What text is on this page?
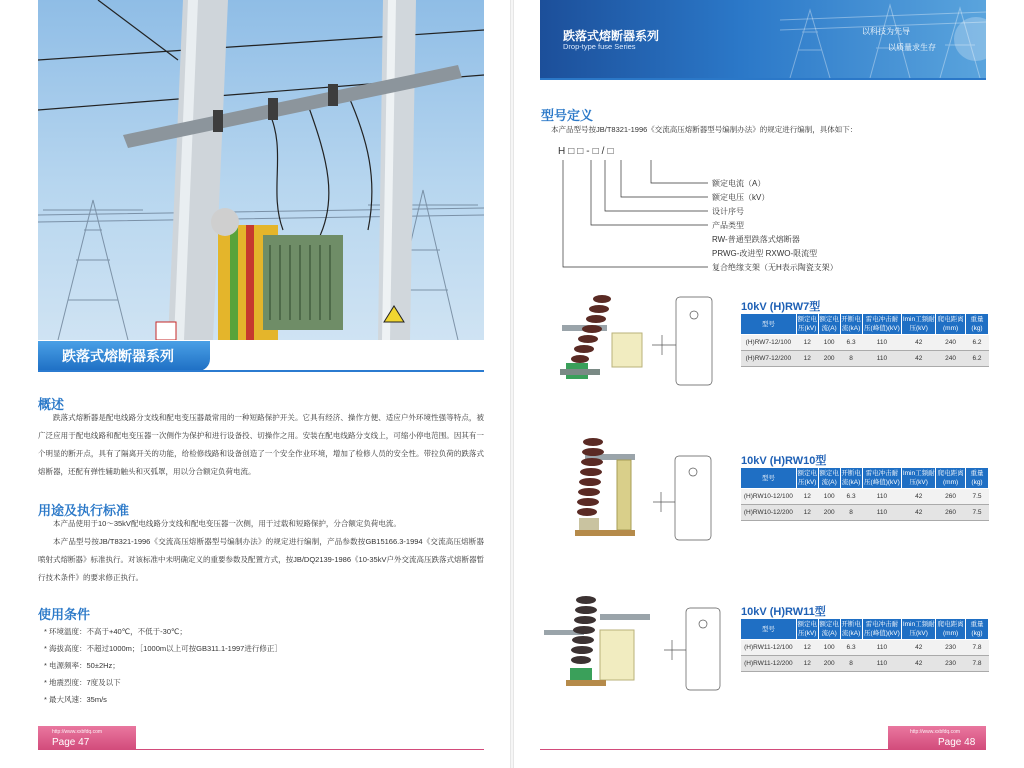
跌落式熔断器系列
概述

跌落式熔断器是配电线路分支线和配电变压器最常用的一种短路保护开关。它具有经济、操作方便、适应户外环境性强等特点，被广泛应用于配电线路和配电变压器一次侧作为保护和进行设备投、切操作之用。安装在配电线路分支线上，可缩小停电范围。因其有一个明显的断开点，具有了隔离开关的功能，给检修线路和设备创造了一个安全作业环境，增加了检修人员的安全性。带拉负荷的跌落式熔断器，还配有弹性辅助触头和灭弧罩，用以分合额定负荷电流。

用途及执行标准

本产品使用于10～35kV配电线路分支线和配电变压器一次侧，用于过载和短路保护，分合额定负荷电流。

本产品型号按JB/T8321-1996《交流高压熔断器型号编制办法》的规定进行编制，产品参数按GB15166.3-1994《交流高压熔断器 喷射式熔断器》标准执行。对该标准中未明确定义的重要参数及配置方式，按JB/DQ2139-1986《10-35kV户外交流高压跌落式熔断器暂行技术条件》的要求修正执行。

使用条件
* 环境温度：不高于+40℃，不低于-30℃；
* 海拔高度：不超过1000m；［1000m以上可按GB311.1-1997进行修正］
* 电源频率：50±2Hz；
* 地震烈度：7度及以下
* 最大风速：35m/s
http://www.xxbfdq.com
Page 47
跌落式熔断器系列
Drop-type fuse Series
以科技为先导
以质量求生存
型号定义
本产品型号按JB/T8321-1996《交流高压熔断器型号编制办法》的规定进行编制，具体如下：
H□□-□/□
额定电流（A）
额定电压（kV）
设计序号
产品类型
RW-普通型跌落式熔断器
PRWG-改进型 RXWO-限流型
复合绝缘支架（无H表示陶瓷支架）
10kV (H)RW7型
型号	额定电压(kV)	额定电流(A)	开断电流(kA)	雷电冲击耐压(峰值)(kV)	Imin工频耐压(kV)	爬电距离(mm)	重量(kg)
(H)RW7-12/100	12	100	6.3	110	42	240	6.2
(H)RW7-12/200	12	200	8	110	42	240	6.2
10kV (H)RW10型
型号	额定电压(kV)	额定电流(A)	开断电流(kA)	雷电冲击耐压(峰值)(kV)	Imin工频耐压(kV)	爬电距离(mm)	重量(kg)
(H)RW10-12/100	12	100	6.3	110	42	260	7.5
(H)RW10-12/200	12	200	8	110	42	260	7.5
10kV (H)RW11型
型号	额定电压(kV)	额定电流(A)	开断电流(kA)	雷电冲击耐压(峰值)(kV)	Imin工频耐压(kV)	爬电距离(mm)	重量(kg)
(H)RW11-12/100	12	100	6.3	110	42	230	7.8
(H)RW11-12/200	12	200	8	110	42	230	7.8
http://www.xxbfdq.com
Page 48
